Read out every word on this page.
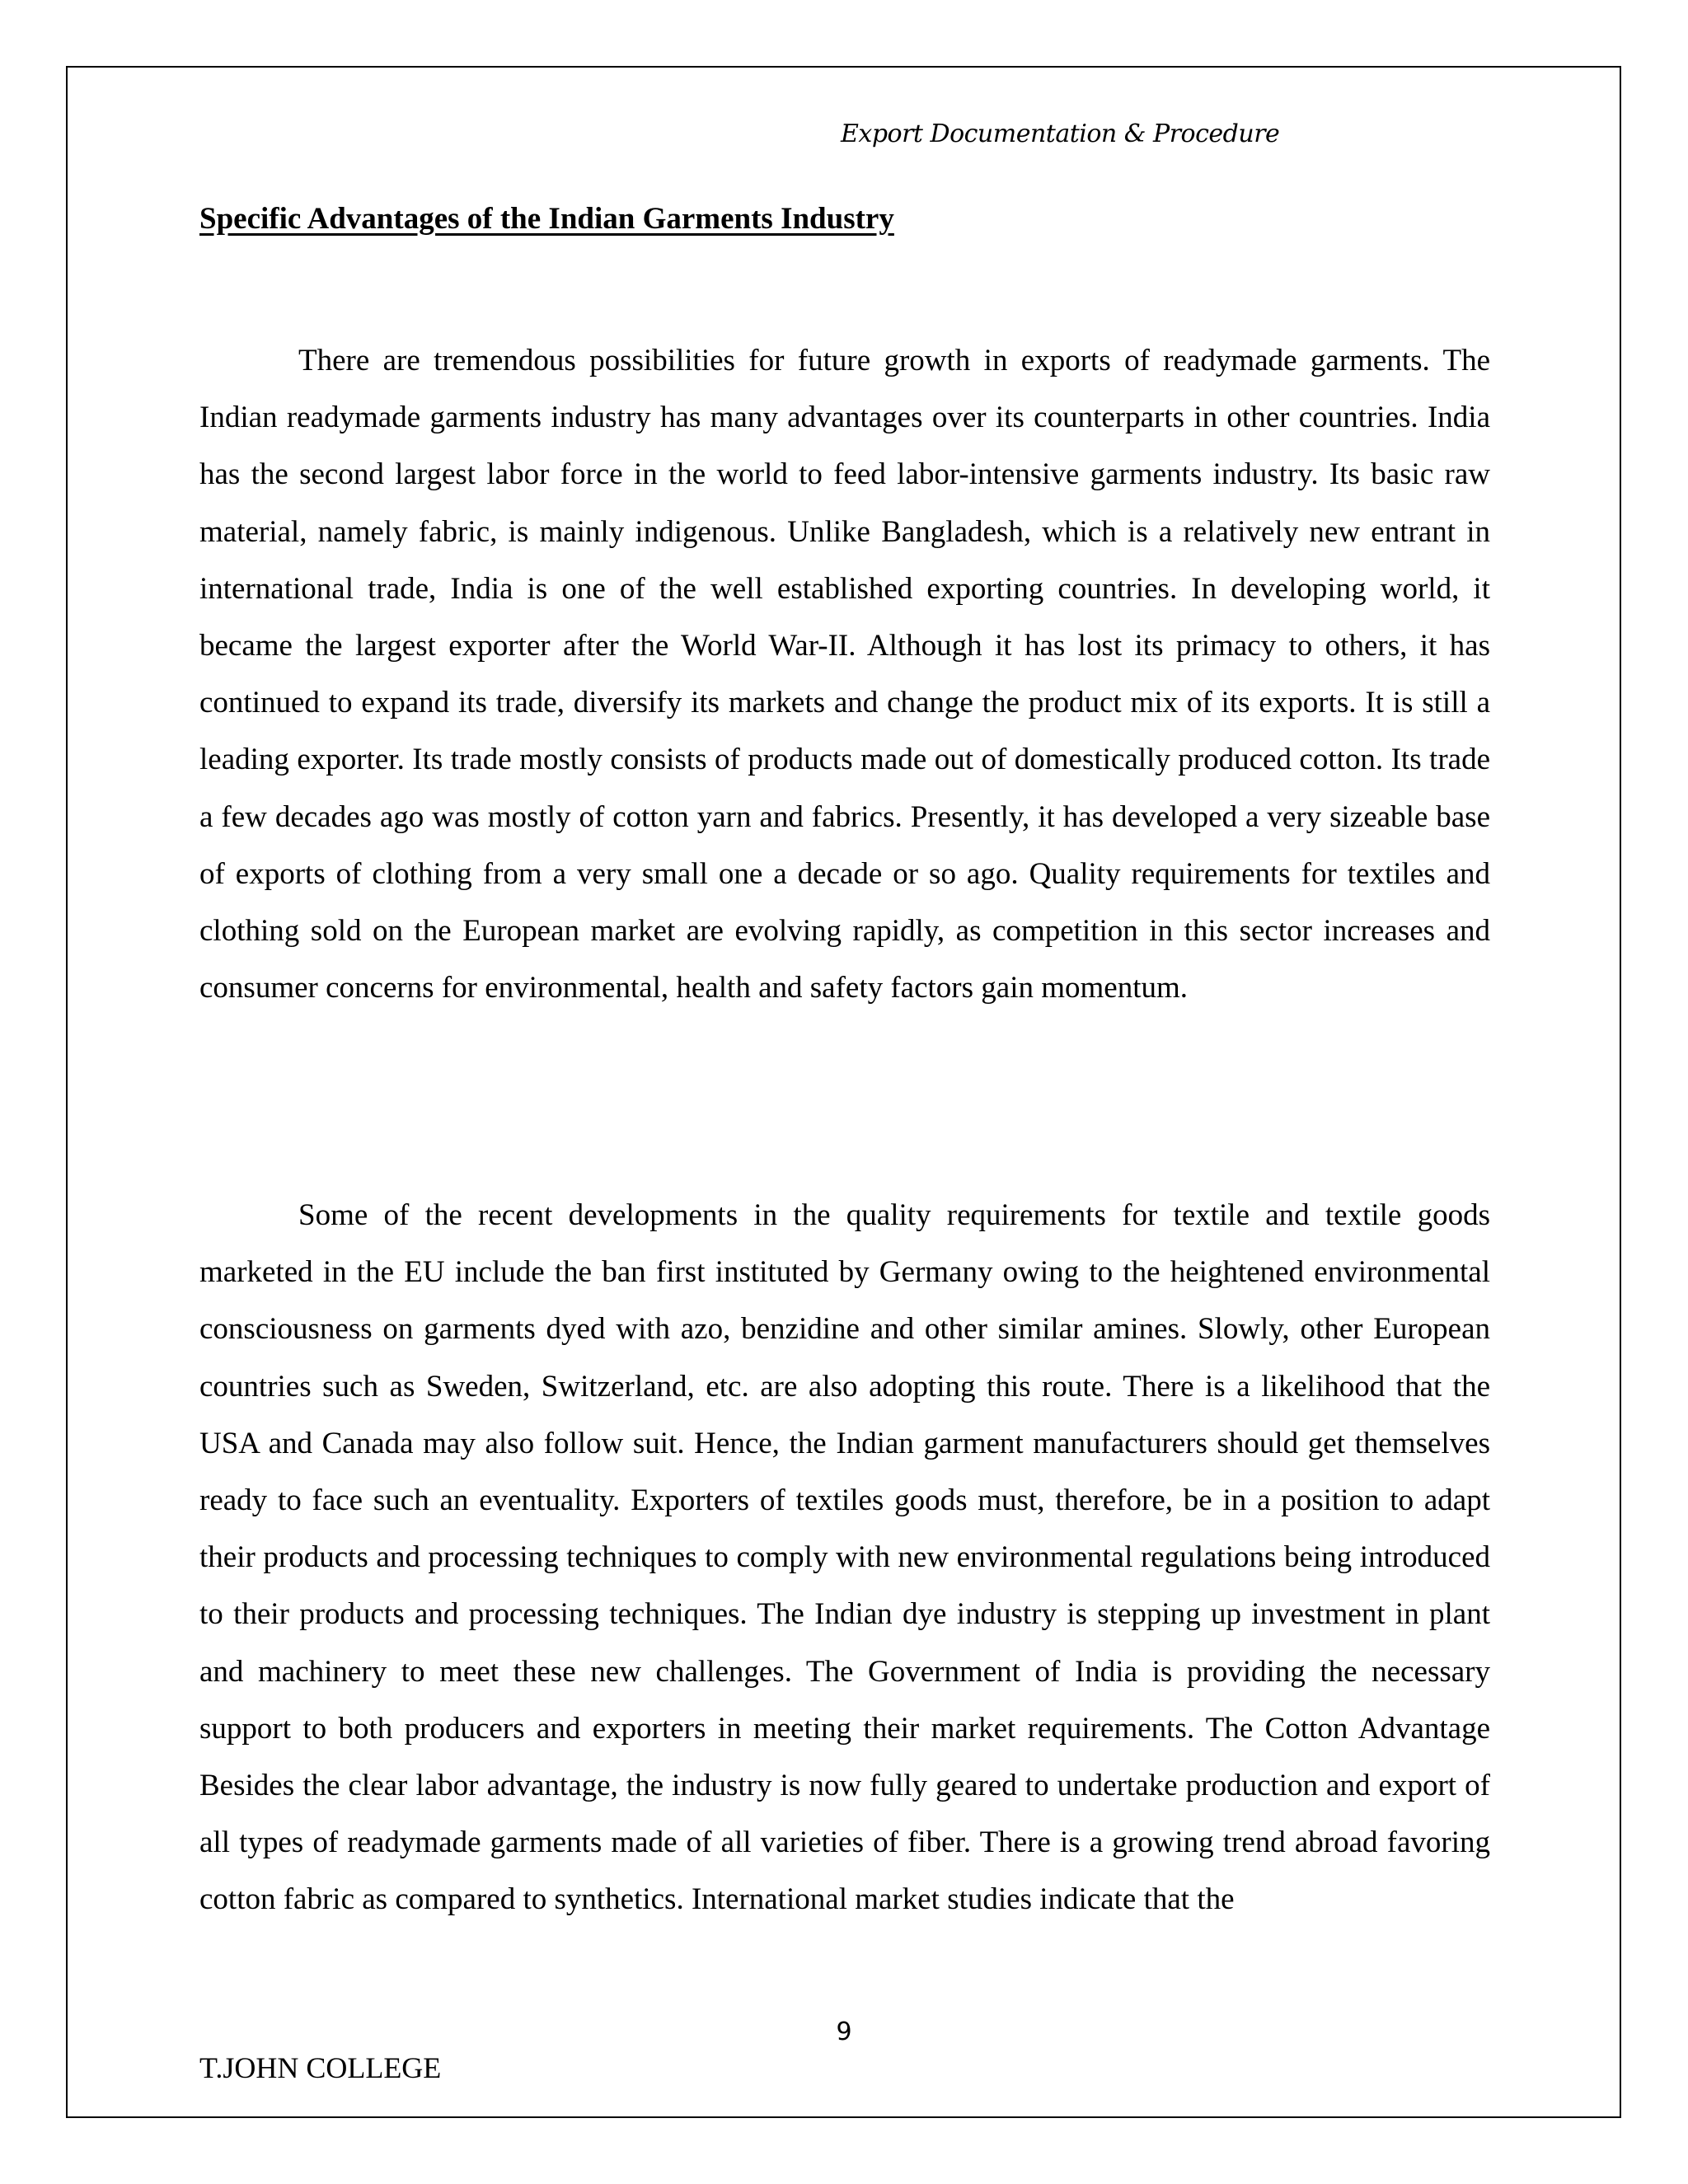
Export Documentation & Procedure
Specific Advantages of the Indian Garments Industry

There are tremendous possibilities for future growth in exports of readymade garments. The Indian readymade garments industry has many advantages over its counterparts in other countries. India has the second largest labor force in the world to feed labor-intensive garments industry. Its basic raw material, namely fabric, is mainly indigenous. Unlike Bangladesh, which is a relatively new entrant in international trade, India is one of the well established exporting countries. In developing world, it became the largest exporter after the World War-II. Although it has lost its primacy to others, it has continued to expand its trade, diversify its markets and change the product mix of its exports. It is still a leading exporter. Its trade mostly consists of products made out of domestically produced cotton. Its trade a few decades ago was mostly of cotton yarn and fabrics. Presently, it has developed a very sizeable base of exports of clothing from a very small one a decade or so ago. Quality requirements for textiles and clothing sold on the European market are evolving rapidly, as competition in this sector increases and consumer concerns for environmental, health and safety factors gain momentum.

Some of the recent developments in the quality requirements for textile and textile goods marketed in the EU include the ban first instituted by Germany owing to the heightened environmental consciousness on garments dyed with azo, benzidine and other similar amines. Slowly, other European countries such as Sweden, Switzerland, etc. are also adopting this route. There is a likelihood that the USA and Canada may also follow suit. Hence, the Indian garment manufacturers should get themselves ready to face such an eventuality. Exporters of textiles goods must, therefore, be in a position to adapt their products and processing techniques to comply with new environmental regulations being introduced to their products and processing techniques. The Indian dye industry is stepping up investment in plant and machinery to meet these new challenges. The Government of India is providing the necessary support to both producers and exporters in meeting their market requirements. The Cotton Advantage Besides the clear labor advantage, the industry is now fully geared to undertake production and export of all types of readymade garments made of all varieties of fiber. There is a growing trend abroad favoring cotton fabric as compared to synthetics. International market studies indicate that the

9
T.JOHN COLLEGE
